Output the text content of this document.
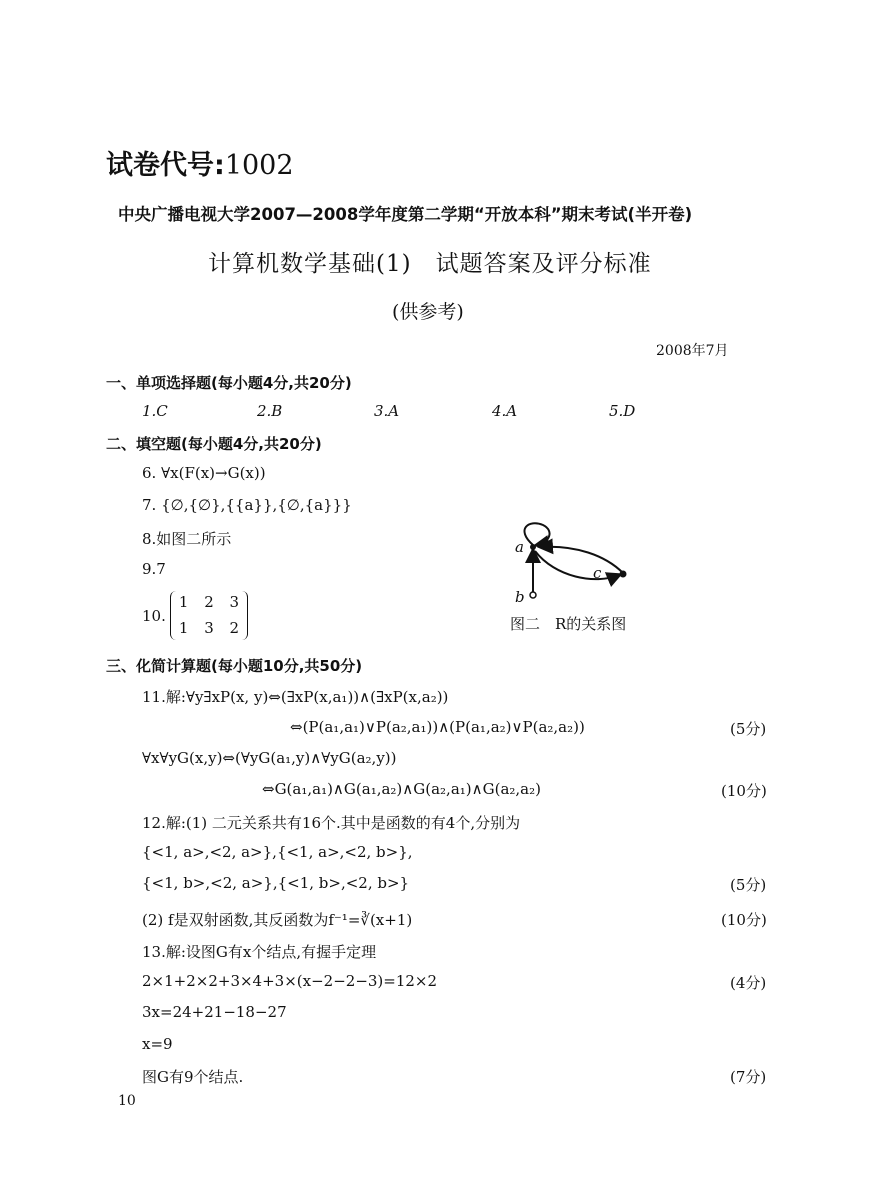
试卷代号:1002
中央广播电视大学2007—2008学年度第二学期“开放本科”期末考试(半开卷)
计算机数学基础(1)　试题答案及评分标准
(供参考)
2008年7月
一、单项选择题(每小题4分,共20分)
1.C	2.B	3.A	4.A	5.D
二、填空题(每小题4分,共20分)
6. ∀x(F(x)→G(x))
7. {∅,{∅},{{a}},{∅,{a}}}
8.如图二所示
9.7
10.
1 2 3
1 3 2
a
b
c
图二　R的关系图
三、化简计算题(每小题10分,共50分)
11.解:∀y∃xP(x, y)⇔(∃xP(x,a₁))∧(∃xP(x,a₂))
⇔(P(a₁,a₁)∨P(a₂,a₁))∧(P(a₁,a₂)∨P(a₂,a₂))	(5分)
∀x∀yG(x,y)⇔(∀yG(a₁,y)∧∀yG(a₂,y))
⇔G(a₁,a₁)∧G(a₁,a₂)∧G(a₂,a₁)∧G(a₂,a₂)	(10分)
12.解:(1) 二元关系共有16个.其中是函数的有4个,分别为
{<1, a>,<2, a>},{<1, a>,<2, b>},
{<1, b>,<2, a>},{<1, b>,<2, b>}	(5分)
(2) f是双射函数,其反函数为f⁻¹=∛(x+1)	(10分)
13.解:设图G有x个结点,有握手定理
2×1+2×2+3×4+3×(x−2−2−3)=12×2	(4分)
3x=24+21−18−27
x=9
图G有9个结点.	(7分)
10
